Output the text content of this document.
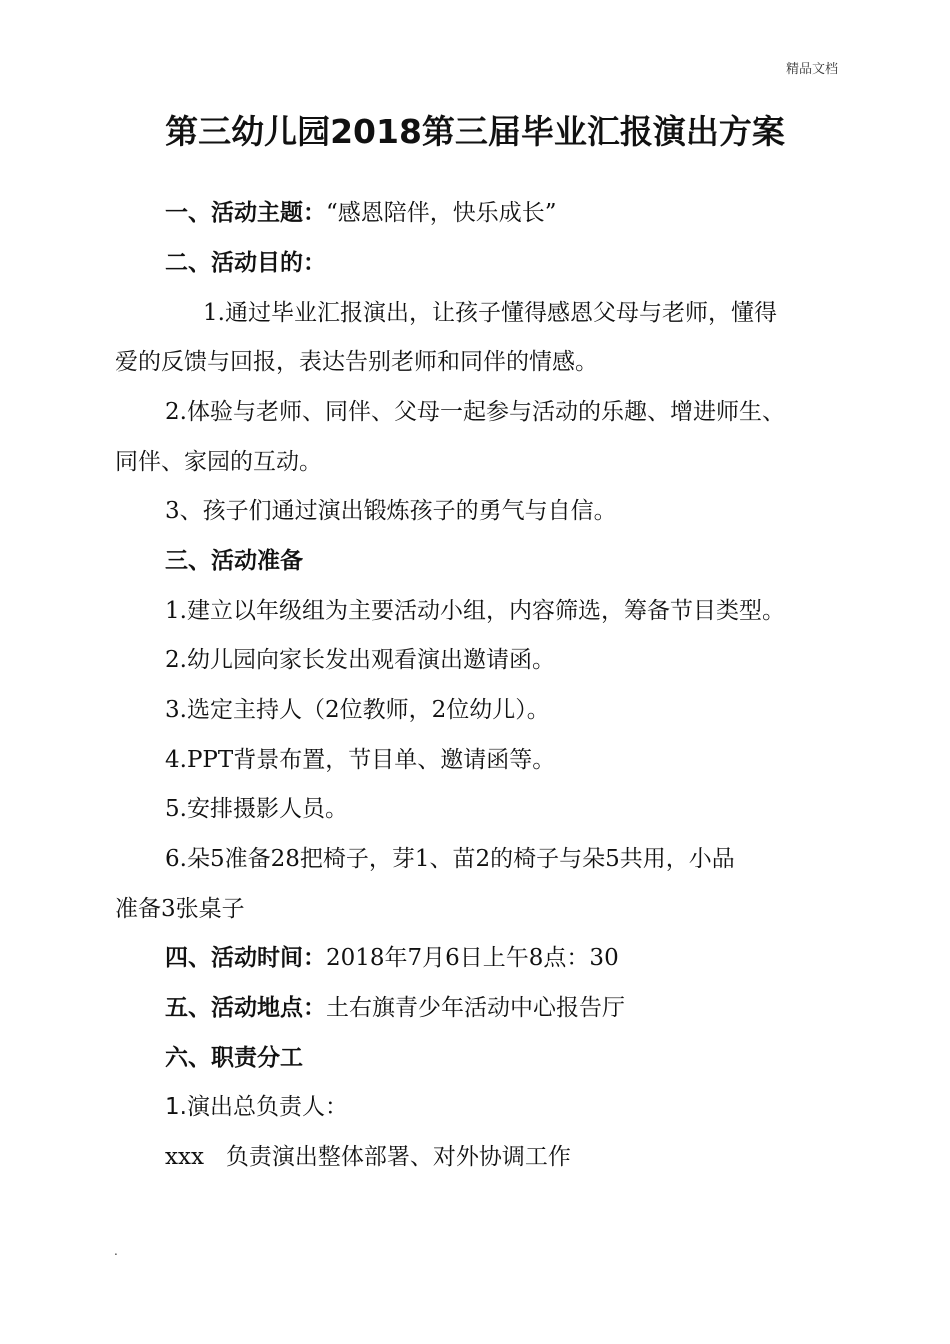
精品文档
第三幼儿园2018第三届毕业汇报演出方案
一、活动主题：“感恩陪伴，快乐成长”
二、活动目的：
1.通过毕业汇报演出，让孩子懂得感恩父母与老师，懂得
爱的反馈与回报，表达告别老师和同伴的情感。
2.体验与老师、同伴、父母一起参与活动的乐趣、增进师生、
同伴、家园的互动。
3、孩子们通过演出锻炼孩子的勇气与自信。
三、活动准备
1.建立以年级组为主要活动小组，内容筛选，筹备节目类型。
2.幼儿园向家长发出观看演出邀请函。
3.选定主持人（2位教师，2位幼儿）。
4.PPT背景布置，节目单、邀请函等。
5.安排摄影人员。
6.朵5准备28把椅子，芽1、苗2的椅子与朵5共用，小品
准备3张桌子
四、活动时间：2018年7月6日上午8点：30
五、活动地点：土右旗青少年活动中心报告厅
六、职责分工
1.演出总负责人：
xxx   负责演出整体部署、对外协调工作
.
